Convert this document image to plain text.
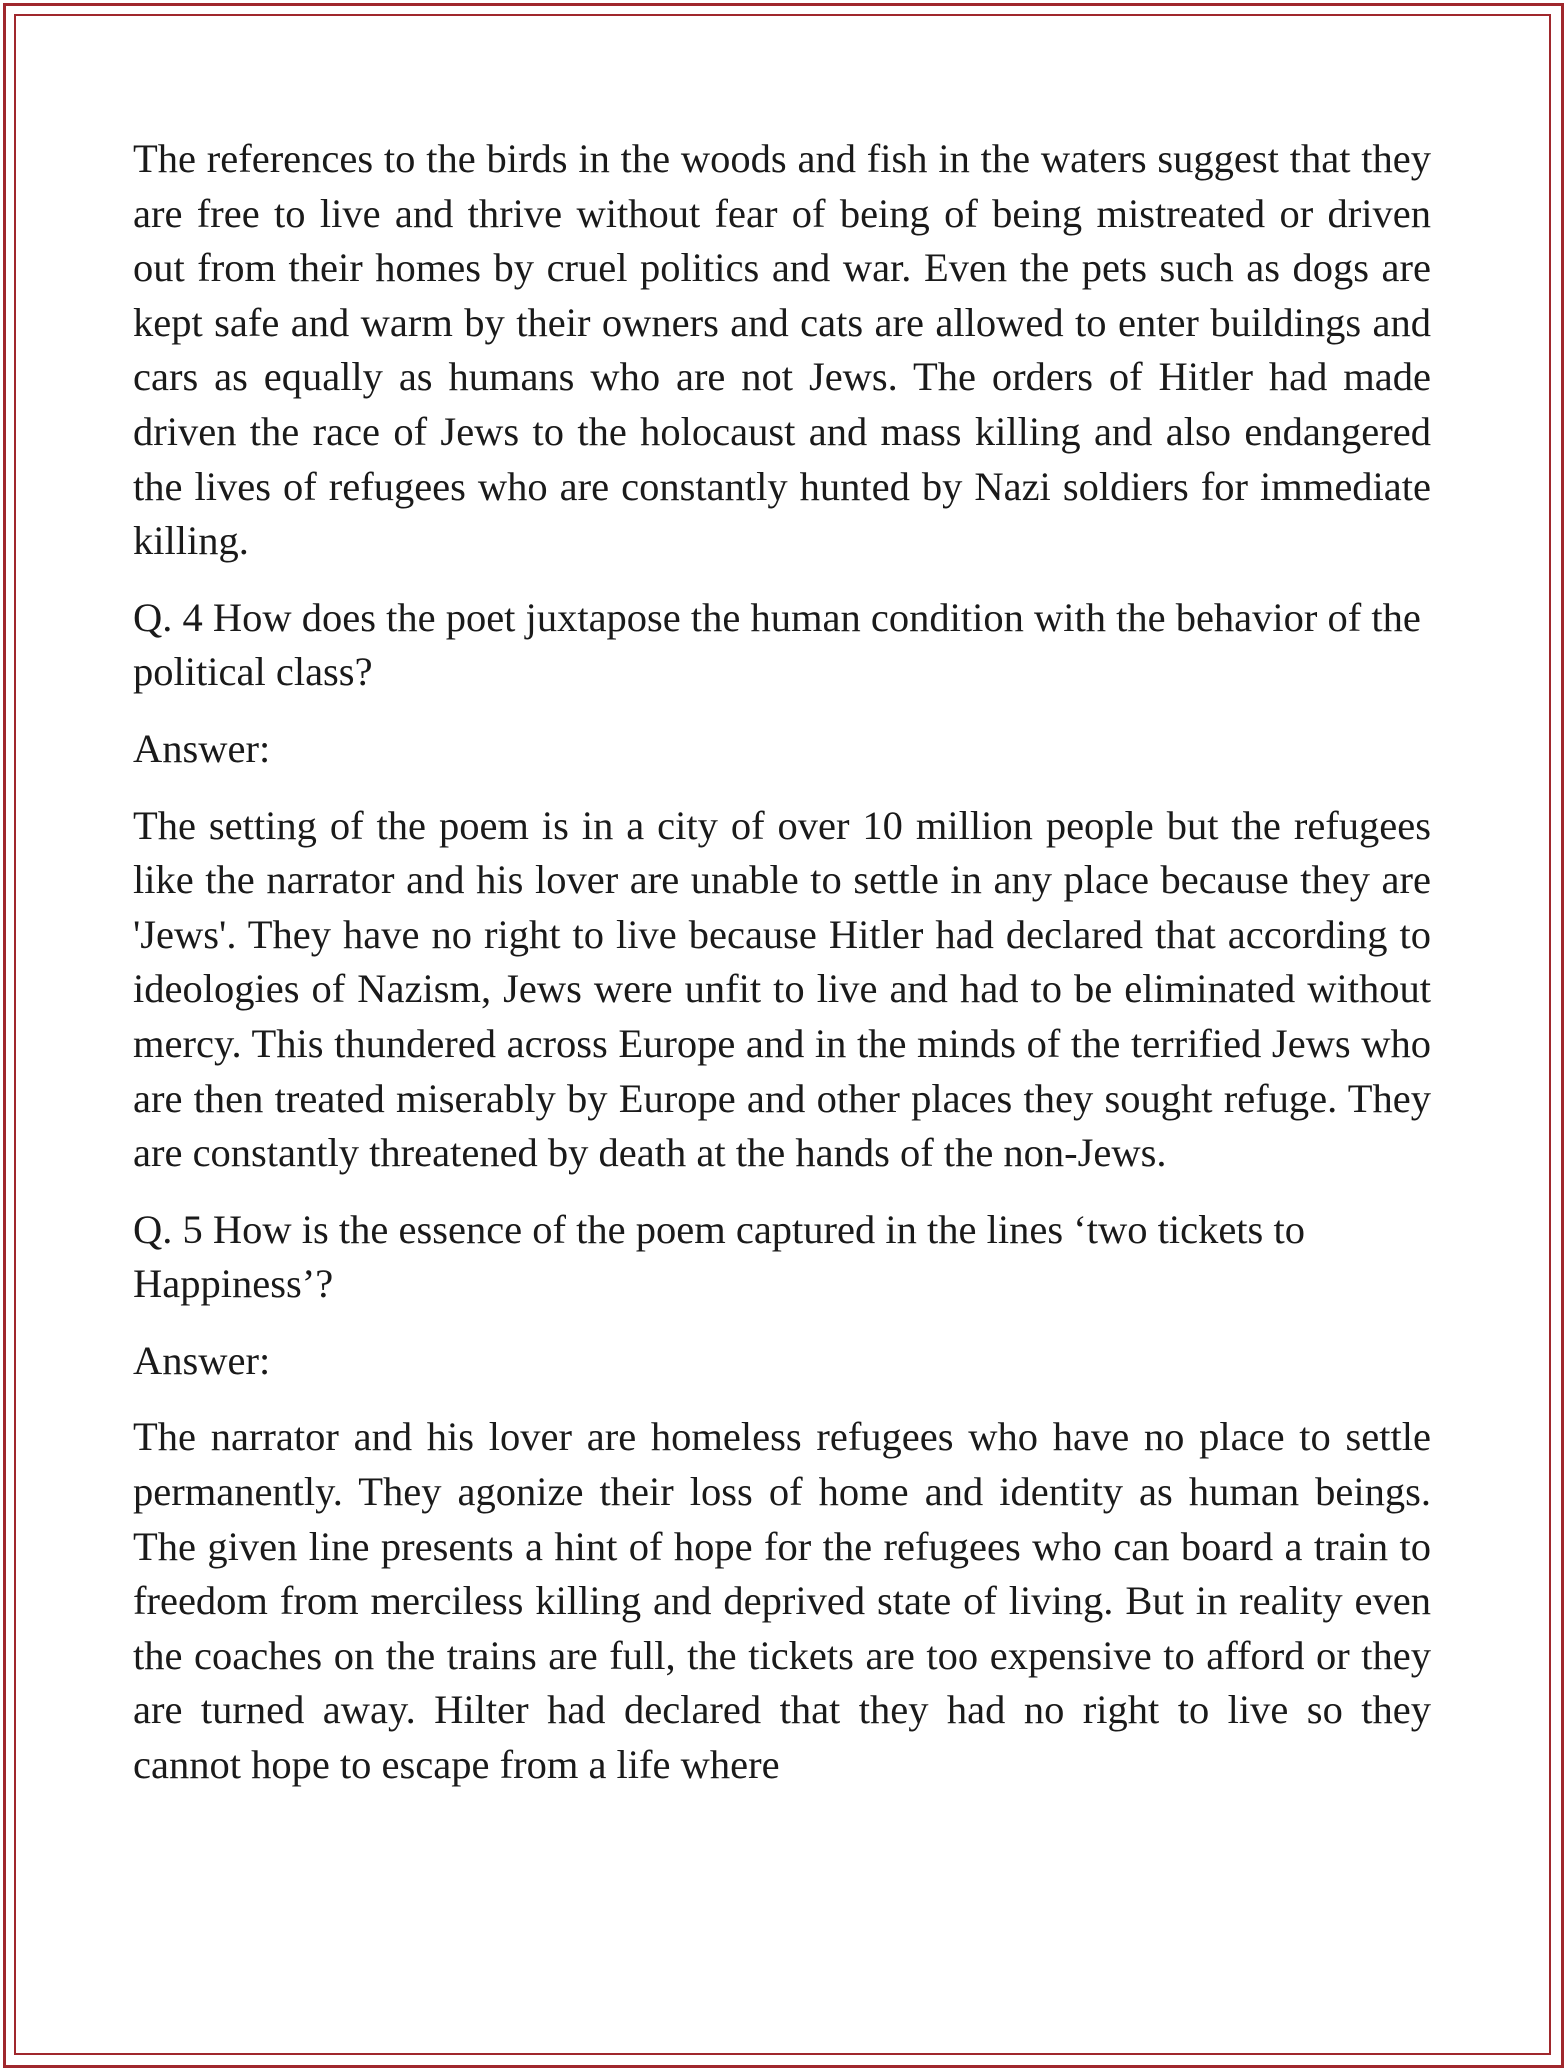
The references to the birds in the woods and fish in the waters suggest that they are free to live and thrive without fear of being of being mistreated or driven out from their homes by cruel politics and war. Even the pets such as dogs are kept safe and warm by their owners and cats are allowed to enter buildings and cars as equally as humans who are not Jews. The orders of Hitler had made driven the race of Jews to the holocaust and mass killing and also endangered the lives of refugees who are constantly hunted by Nazi soldiers for immediate killing.

Q. 4 How does the poet juxtapose the human condition with the behavior of the political class?

Answer:

The setting of the poem is in a city of over 10 million people but the refugees like the narrator and his lover are unable to settle in any place because they are 'Jews'. They have no right to live because Hitler had declared that according to ideologies of Nazism, Jews were unfit to live and had to be eliminated without mercy. This thundered across Europe and in the minds of the terrified Jews who are then treated miserably by Europe and other places they sought refuge. They are constantly threatened by death at the hands of the non-Jews.

Q. 5 How is the essence of the poem captured in the lines ‘two tickets to Happiness’?

Answer:

The narrator and his lover are homeless refugees who have no place to settle permanently. They agonize their loss of home and identity as human beings. The given line presents a hint of hope for the refugees who can board a train to freedom from merciless killing and deprived state of living. But in reality even the coaches on the trains are full, the tickets are too expensive to afford or they are turned away. Hilter had declared that they had no right to live so they cannot hope to escape from a life where
